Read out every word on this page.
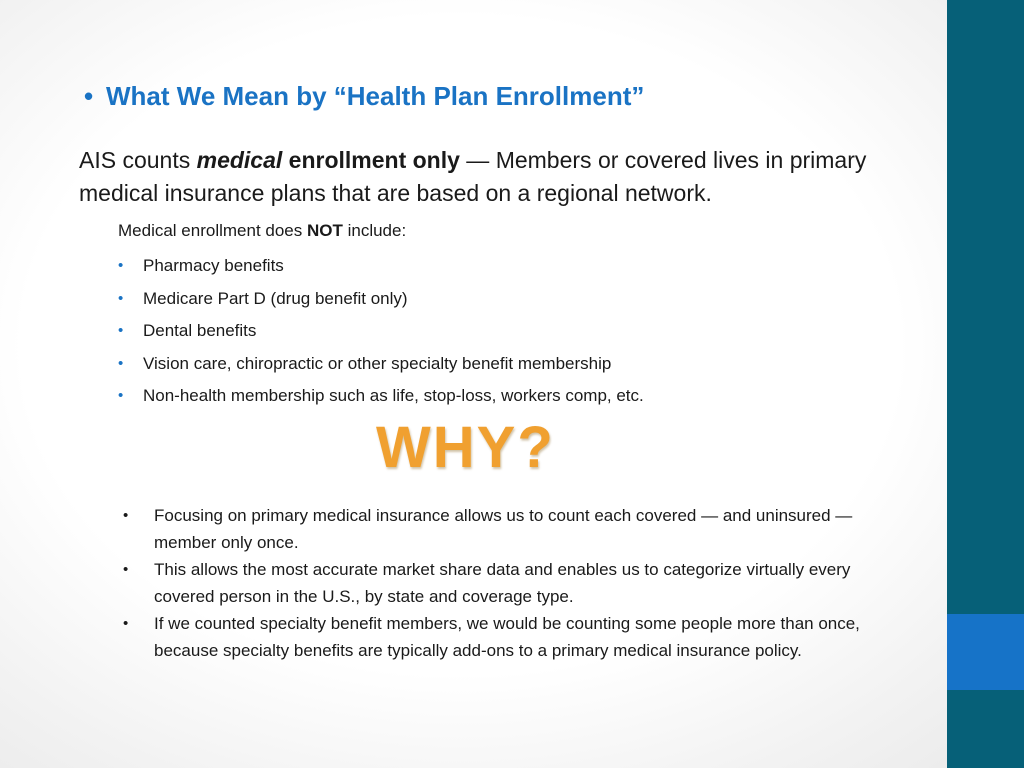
• What We Mean by “Health Plan Enrollment”
AIS counts medical enrollment only — Members or covered lives in primary medical insurance plans that are based on a regional network.
Medical enrollment does NOT include:
• Pharmacy benefits
• Medicare Part D (drug benefit only)
• Dental benefits
• Vision care, chiropractic or other specialty benefit membership
• Non-health membership such as life, stop-loss, workers comp, etc.
WHY?
• Focusing on primary medical insurance allows us to count each covered — and uninsured — member only once.
• This allows the most accurate market share data and enables us to categorize virtually every covered person in the U.S., by state and coverage type.
• If we counted specialty benefit members, we would be counting some people more than once, because specialty benefits are typically add-ons to a primary medical insurance policy.
